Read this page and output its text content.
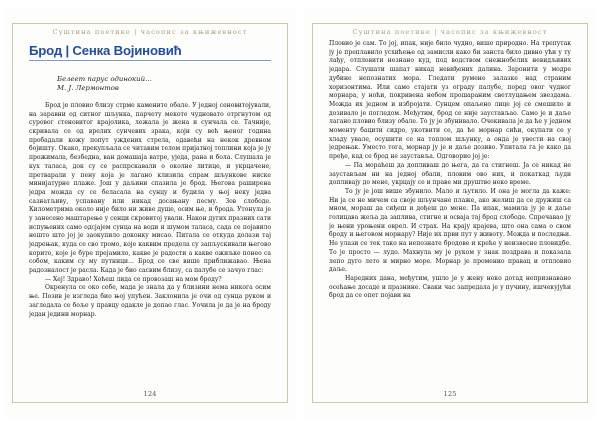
Суштина поетике | часопис за књижевност
124
Брод | Сенка Војиновић
Белеет парус одинокий…
М. Ј. Лермонтов

Брод је пловио близу стрме камените обале. У једној сеновитојували, на заравни од ситног шљунка, парчету мекоте чудновато отргнутом од суровог стеновитог крајолика, лежала је жена и сунчала се. Тачније, скривала се од врелих сунчевих зрака, који су већ њеног година пробадали кожу попут уждених стрела, одавећи на некок древном бојишту. Окако, прекупљала се читавим телом пријатној топлини која је ју прожимала, безбедна, ван домашаја ватре, уједа, рана и бола. Слушала је кух таласа, док су се распрскавали о околне литице, и укрцачене, претварали у пену која је лагано клизила спрам шљункове ниске миниjатурне плаже. Још у даљини спазила је брод. Његова раширена једра можда су се беласала на сунцу и будила у њој неку једва сазнатљиву, успавану или никад досањану песму. Зов слободе. Километрима около није било ни живе душе, осим ње, и брода. Утонула је у занесено маштарење у сенци скровитој ували. Након дугих празних сати испуњених само одсјајем сунца на води и шумом таласа, сада се појавило нешто што јој је заокупило доконку мисао. Питала се откуда долази тај једрењак, куда се сво тромо, које каквим предела су запљускивали његово корито, које је буре прејамило, какве је радости а какве ожиљке понео са собом, каким су му путници… Брод се све више приближавао. Њена радозналост је расла. Када је био сасвим близу, са палубе се зачуо глас:

— Хеј! Здраво! Хоћеш лида се провозаш на мом броду?

Окренула се око себе, мада је знала да у близини нема никога осим ње. Позив је изгледа био њој упућен. Заклонила је очи од сунца руком и загледала се боље у правцу одакле је допао глас. Уочила је да је на броду један једини морнар.

Суштина поетике | часопис за књижевност
125

Пловио је сам. То јој, ипак, није било чудно, више природно. На трепутак ју је преплавило усхићење од замисли како би занста било дивно ући у ту лађу, отпловити незнано куд, под водством снежнобелих невидљивих једара. Слушати шапат никад невиђених далина. Заронити у модре дубине непознатих мора. Гледати румене залазке над страним хоризонтима. Или само стајати уз ограду палубе, поред овог чудног морнара, у ноћи, покривена небом прошараним светлуцањем звездама. Можда их једном и избројати. Сунцем опаљено лице јој се смешило и дозивало је погледом. Међутим, брод се није заустављао. Само је и даље лагано пловио близу обале. То ју је збунивало. Очекивала је да ће у једном моменту бацити сидро, укотвити се, да ће морнар сићи, окупати се у хладу увале, осушити се на топлом шљунку, а онда је увести на свој једрењак. Уместо тога, морнар ју је и даље дозиво. Упитала га је како да пређе, кад се брод не зауставља. Одговорио јој је:

— Па мораћеш да допливаш до њега, да га стигнеш. Ја се никад не заустављам ни на једној обали, пловим ово них, и покаткад људи допливају до мене, укрцају се и праве ми друштво неко време.

То ју је још више збунило. Мало и љутило. И она је могла да каже: Ни ја се не мичем са своје шљунчане плаже, ако желиш да се дружиш са мном, мораш да сиђеш и дођеш до мене. Па ипак, мамила ју је и даље голицава жеља да заплива, стигне и осваја тај брод слободе. Спречавао ју је њени уроњени оврел. И страх. На крају крајева, што она сама о свом броду и његовом морнару? Није их први пут у животу. Можда и последњи. Не улази се тек тако на непознате бродове и креће у неизвесне пловидбе. То је просто — лудо. Махнула му је руком у знак поздрава и показала лепо дуго лето и мирно море. Морнар је променио правац и отпловио даље.

Наредних дана, међутим, ушло је у жену неко дотад непризнавано осећање досаде и празнине. Сваки час запредала је у пучину, ишчекујући брод да се опет појави на
